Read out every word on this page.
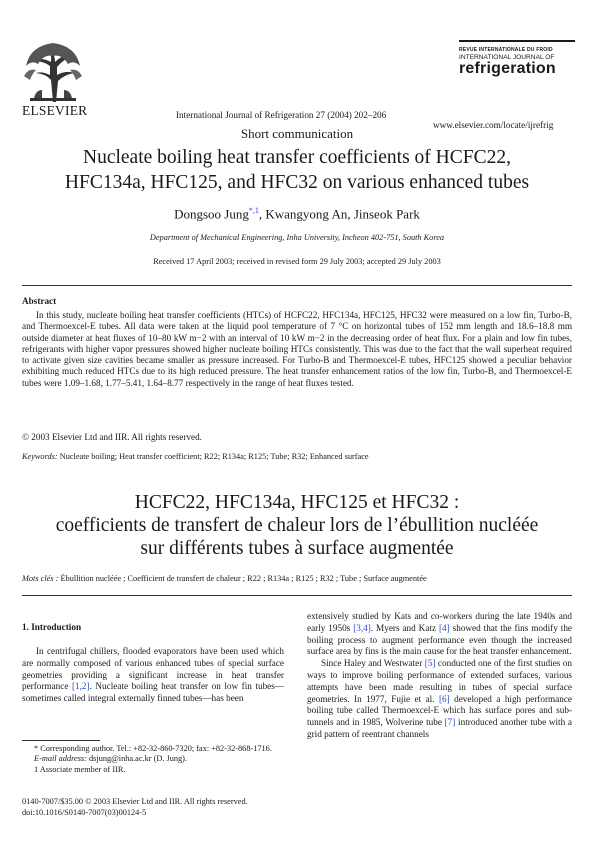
ELSEVIER	International Journal of Refrigeration 27 (2004) 202–206
REVUE INTERNATIONALE DU FROID
INTERNATIONAL JOURNAL OF
refrigeration
www.elsevier.com/locate/ijrefrig
Short communication
Nucleate boiling heat transfer coefficients of HCFC22,
HFC134a, HFC125, and HFC32 on various enhanced tubes
Dongsoo Jung$^{*,1}$, Kwangyong An, Jinseok Park
Department of Mechanical Engineering, Inha University, Incheon 402-751, South Korea
Received 17 April 2003; received in revised form 29 July 2003; accepted 29 July 2003
Abstract
In this study, nucleate boiling heat transfer coefficients (HTCs) of HCFC22, HFC134a, HFC125, HFC32 were measured on a low fin, Turbo-B, and Thermoexcel-E tubes. All data were taken at the liquid pool temperature of 7 °C on horizontal tubes of 152 mm length and 18.6–18.8 mm outside diameter at heat fluxes of 10–80 kW m−2 with an interval of 10 kW m−2 in the decreasing order of heat flux. For a plain and low fin tubes, refrigerants with higher vapor pressures showed higher nucleate boiling HTCs consistently. This was due to the fact that the wall superheat required to activate given size cavities became smaller as pressure increased. For Turbo-B and Thermoexcel-E tubes, HFC125 showed a peculiar behavior exhibiting much reduced HTCs due to its high reduced pressure. The heat transfer enhancement ratios of the low fin, Turbo-B, and Thermoexcel-E tubes were 1.09–1.68, 1.77–5.41, 1.64–8.77 respectively in the range of heat fluxes tested.
© 2003 Elsevier Ltd and IIR. All rights reserved.
Keywords: Nucleate boiling; Heat transfer coefficient; R22; R134a; R125; Tube; R32; Enhanced surface
HCFC22, HFC134a, HFC125 et HFC32 :
coefficients de transfert de chaleur lors de l’ébullition nucléée
sur différents tubes à surface augmentée
Mots clés : Ébullition nucléée ; Coefficient de transfert de chaleur ; R22 ; R134a ; R125 ; R32 ; Tube ; Surface augmentée
1. Introduction

In centrifugal chillers, flooded evaporators have been used which are normally composed of various enhanced tubes of special surface geometries providing a significant increase in heat transfer performance [1,2]. Nucleate boiling heat transfer on low fin tubes—sometimes called integral externally finned tubes—has been

extensively studied by Kats and co-workers during the late 1940s and early 1950s [3,4]. Myers and Katz [4] showed that the fins modify the boiling process to augment performance even though the increased surface area by fins is the main cause for the heat transfer enhancement.

Since Haley and Westwater [5] conducted one of the first studies on ways to improve boiling performance of extended surfaces, various attempts have been made resulting in tubes of special surface geometries. In 1977, Fujie et al. [6] developed a high performance boiling tube called Thermoexcel-E which has surface pores and sub-tunnels and in 1985, Wolverine tube [7] introduced another tube with a grid pattern of reentrant channels

* Corresponding author. Tel.: +82-32-860-7320; fax: +82-32-868-1716.
E-mail address: dsjung@inha.ac.kr (D. Jung).
1 Associate member of IIR.
0140-7007/$35.00 © 2003 Elsevier Ltd and IIR. All rights reserved.
doi:10.1016/S0140-7007(03)00124-5
